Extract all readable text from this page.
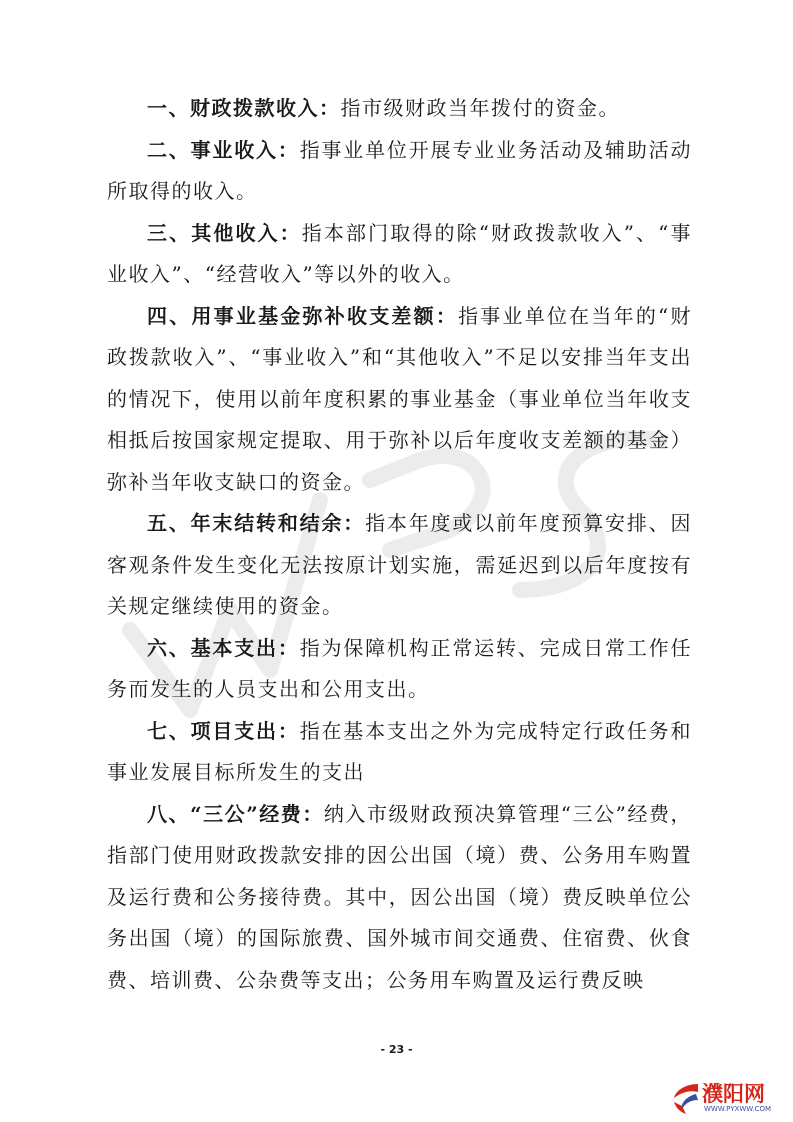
一、财政拨款收入：指市级财政当年拨付的资金。

二、事业收入：指事业单位开展专业业务活动及辅助活动所取得的收入。

三、其他收入：指本部门取得的除“财政拨款收入”、“事业收入”、“经营收入”等以外的收入。

四、用事业基金弥补收支差额：指事业单位在当年的“财政拨款收入”、“事业收入”和“其他收入”不足以安排当年支出的情况下，使用以前年度积累的事业基金（事业单位当年收支相抵后按国家规定提取、用于弥补以后年度收支差额的基金）弥补当年收支缺口的资金。

五、年末结转和结余：指本年度或以前年度预算安排、因客观条件发生变化无法按原计划实施，需延迟到以后年度按有关规定继续使用的资金。

六、基本支出：指为保障机构正常运转、完成日常工作任务而发生的人员支出和公用支出。

七、项目支出：指在基本支出之外为完成特定行政任务和事业发展目标所发生的支出

八、“三公”经费：纳入市级财政预决算管理“三公”经费，指部门使用财政拨款安排的因公出国（境）费、公务用车购置及运行费和公务接待费。其中，因公出国（境）费反映单位公务出国（境）的国际旅费、国外城市间交通费、住宿费、伙食费、培训费、公杂费等支出；公务用车购置及运行费反映

- 23 -
濮阳网
WWW.PYXWW.COM
